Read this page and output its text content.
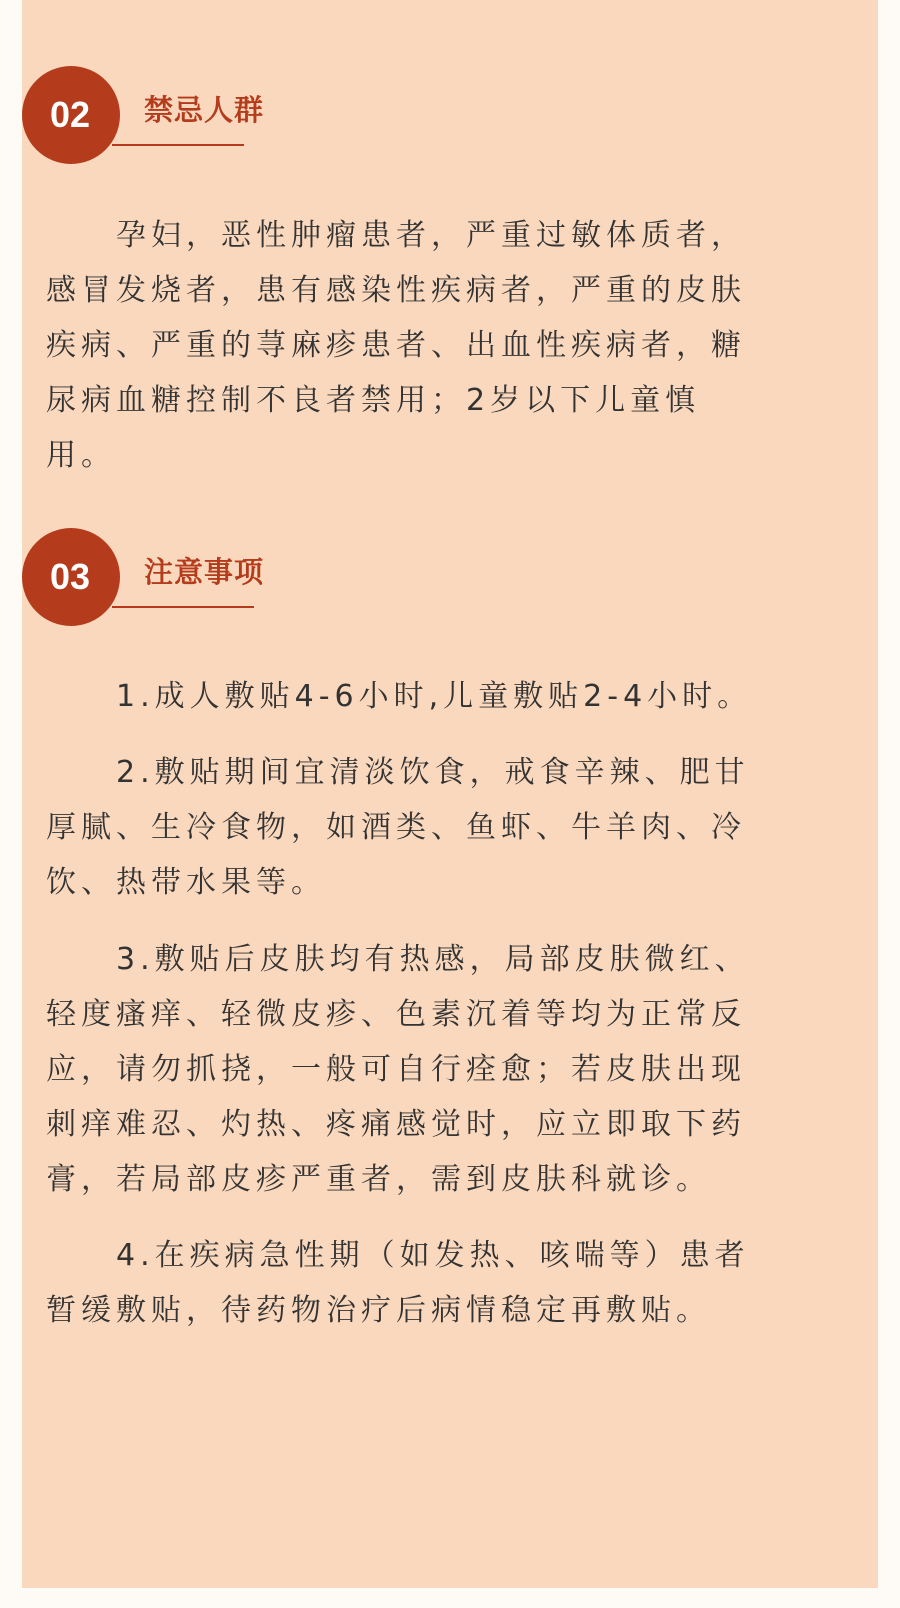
02	禁忌人群

孕妇，恶性肿瘤患者，严重过敏体质者，
感冒发烧者，患有感染性疾病者，严重的皮肤
疾病、严重的荨麻疹患者、出血性疾病者，糖
尿病血糖控制不良者禁用；2岁以下儿童慎
用。

03	注意事项

1.成人敷贴4-6小时,儿童敷贴2-4小时。

2.敷贴期间宜清淡饮食，戒食辛辣、肥甘
厚腻、生冷食物，如酒类、鱼虾、牛羊肉、冷
饮、热带水果等。

3.敷贴后皮肤均有热感，局部皮肤微红、
轻度瘙痒、轻微皮疹、色素沉着等均为正常反
应，请勿抓挠，一般可自行痊愈；若皮肤出现
刺痒难忍、灼热、疼痛感觉时，应立即取下药
膏，若局部皮疹严重者，需到皮肤科就诊。

4.在疾病急性期（如发热、咳喘等）患者
暂缓敷贴，待药物治疗后病情稳定再敷贴。
